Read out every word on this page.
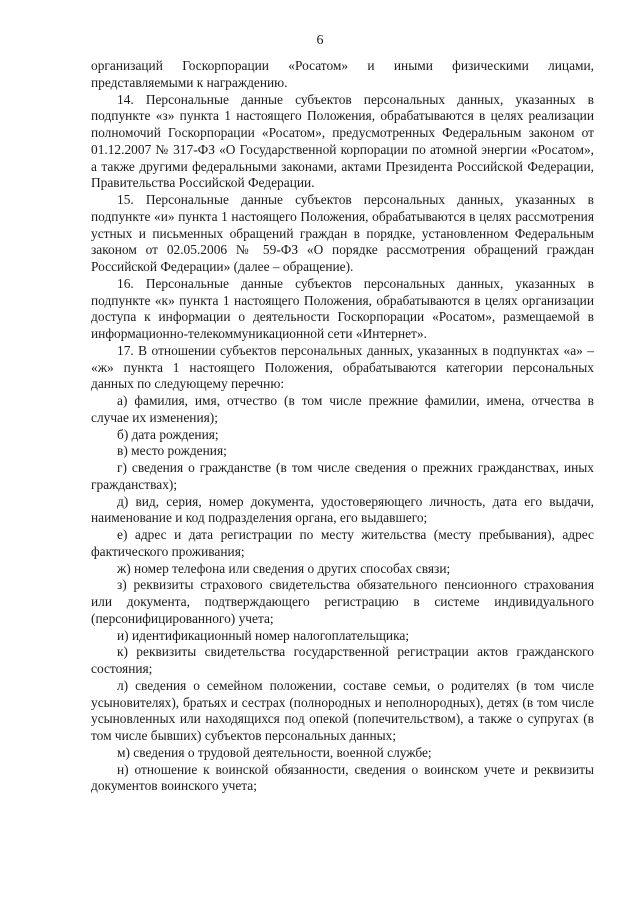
6

организаций Госкорпорации «Росатом» и иными физическими лицами, представляемыми к награждению.

14. Персональные данные субъектов персональных данных, указанных в подпункте «з» пункта 1 настоящего Положения, обрабатываются в целях реализации полномочий Госкорпорации «Росатом», предусмотренных Федеральным законом от 01.12.2007 № 317-ФЗ «О Государственной корпорации по атомной энергии «Росатом», а также другими федеральными законами, актами Президента Российской Федерации, Правительства Российской Федерации.

15. Персональные данные субъектов персональных данных, указанных в подпункте «и» пункта 1 настоящего Положения, обрабатываются в целях рассмотрения устных и письменных обращений граждан в порядке, установленном Федеральным законом от 02.05.2006 № 59-ФЗ «О порядке рассмотрения обращений граждан Российской Федерации» (далее – обращение).

16. Персональные данные субъектов персональных данных, указанных в подпункте «к» пункта 1 настоящего Положения, обрабатываются в целях организации доступа к информации о деятельности Госкорпорации «Росатом», размещаемой в информационно-телекоммуникационной сети «Интернет».

17. В отношении субъектов персональных данных, указанных в подпунктах «а» – «ж» пункта 1 настоящего Положения, обрабатываются категории персональных данных по следующему перечню:

а) фамилия, имя, отчество (в том числе прежние фамилии, имена, отчества в случае их изменения);

б) дата рождения;

в) место рождения;

г) сведения о гражданстве (в том числе сведения о прежних гражданствах, иных гражданствах);

д) вид, серия, номер документа, удостоверяющего личность, дата его выдачи, наименование и код подразделения органа, его выдавшего;

е) адрес и дата регистрации по месту жительства (месту пребывания), адрес фактического проживания;

ж) номер телефона или сведения о других способах связи;

з) реквизиты страхового свидетельства обязательного пенсионного страхования или документа, подтверждающего регистрацию в системе индивидуального (персонифицированного) учета;

и) идентификационный номер налогоплательщика;

к) реквизиты свидетельства государственной регистрации актов гражданского состояния;

л) сведения о семейном положении, составе семьи, о родителях (в том числе усыновителях), братьях и сестрах (полнородных и неполнородных), детях (в том числе усыновленных или находящихся под опекой (попечительством), а также о супругах (в том числе бывших) субъектов персональных данных;

м) сведения о трудовой деятельности, военной службе;

н) отношение к воинской обязанности, сведения о воинском учете и реквизиты документов воинского учета;
